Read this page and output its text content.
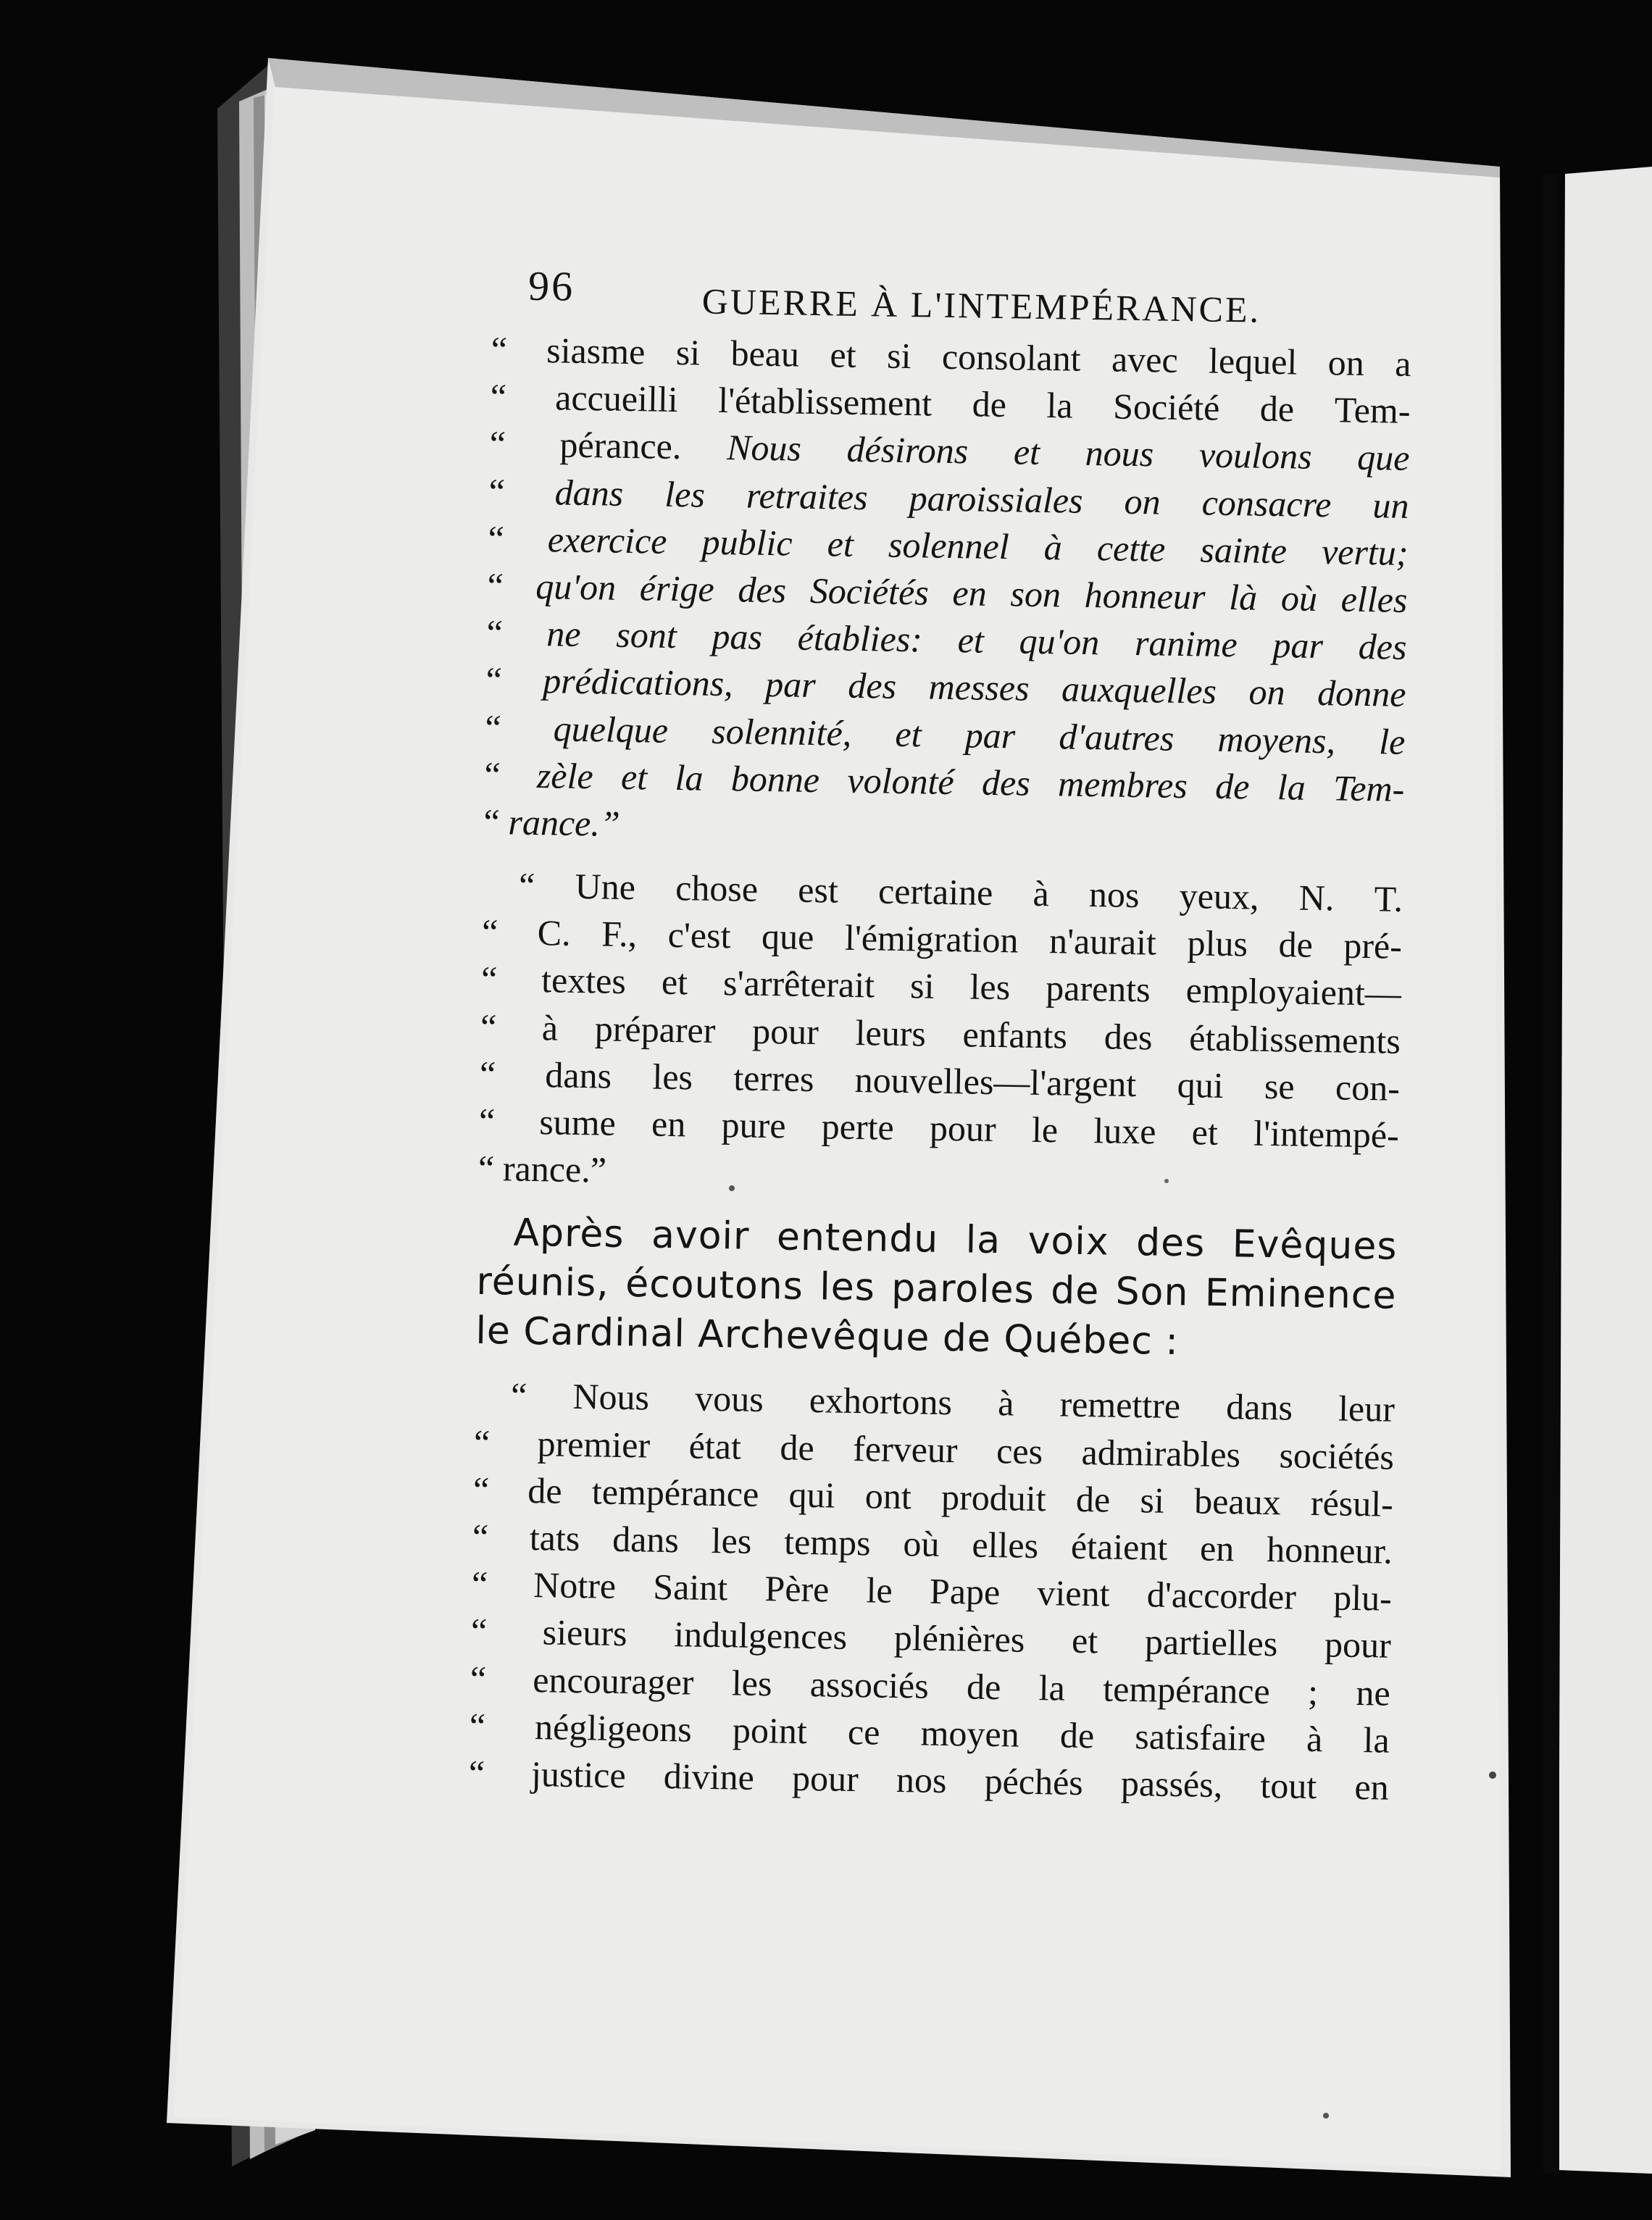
96	GUERRE À L'INTEMPÉRANCE.
“ siasme si beau et si consolant avec lequel on a
“ accueilli l'établissement de la Société de Tem-
“ pérance. Nous désirons et nous voulons que
“ dans les retraites paroissiales on consacre un
“ exercice public et solennel à cette sainte vertu;
“ qu'on érige des Sociétés en son honneur là où elles
“ ne sont pas établies: et qu'on ranime par des
“ prédications, par des messes auxquelles on donne
“ quelque solennité, et par d'autres moyens, le
“ zèle et la bonne volonté des membres de la Tem-
“ rance.”
“ Une chose est certaine à nos yeux, N. T.
“ C. F., c'est que l'émigration n'aurait plus de pré-
“ textes et s'arrêterait si les parents employaient—
“ à préparer pour leurs enfants des établissements
“ dans les terres nouvelles—l'argent qui se con-
“ sume en pure perte pour le luxe et l'intempé-
“ rance.”
Après avoir entendu la voix des Evêques
réunis, écoutons les paroles de Son Eminence
le Cardinal Archevêque de Québec :
“ Nous vous exhortons à remettre dans leur
“ premier état de ferveur ces admirables sociétés
“ de tempérance qui ont produit de si beaux résul-
“ tats dans les temps où elles étaient en honneur.
“ Notre Saint Père le Pape vient d'accorder plu-
“ sieurs indulgences plénières et partielles pour
“ encourager les associés de la tempérance ; ne
“ négligeons point ce moyen de satisfaire à la
“ justice divine pour nos péchés passés, tout en
